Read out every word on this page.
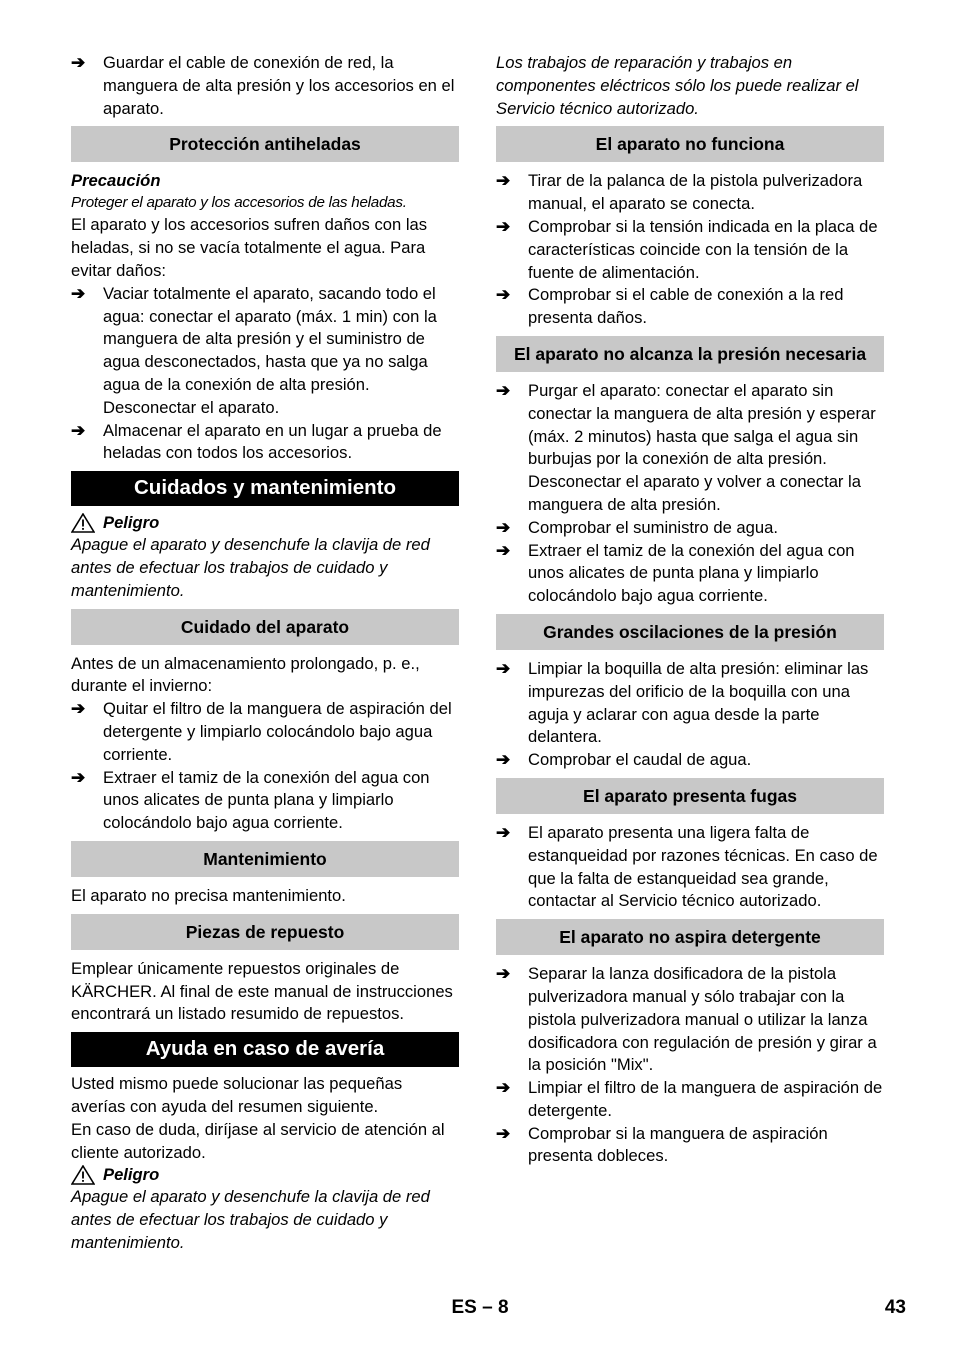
➔	Guardar el cable de conexión de red, la manguera de alta presión y los accesorios en el aparato.
Protección antiheladas
Precaución
Proteger el aparato y los accesorios de las heladas.

El aparato y los accesorios sufren daños con las heladas, si no se vacía totalmente el agua. Para evitar daños:

➔	Vaciar totalmente el aparato, sacando todo el agua: conectar el aparato (máx. 1 min) con la manguera de alta presión y el suministro de agua desconectados, hasta que ya no salga agua de la conexión de alta presión. Desconectar el aparato.
➔	Almacenar el aparato en un lugar a prueba de heladas con todos los accesorios.
Cuidados y mantenimiento
Peligro
Apague el aparato y desenchufe la clavija de red antes de efectuar los trabajos de cuidado y mantenimiento.
Cuidado del aparato

Antes de un almacenamiento prolongado, p. e., durante el invierno:

➔	Quitar el filtro de la manguera de aspiración del detergente y limpiarlo colocándolo bajo agua corriente.
➔	Extraer el tamiz de la conexión del agua con unos alicates de punta plana y limpiarlo colocándolo bajo agua corriente.
Mantenimiento

El aparato no precisa mantenimiento.

Piezas de repuesto

Emplear únicamente repuestos originales de KÄRCHER. Al final de este manual de instrucciones encontrará un listado resumido de repuestos.

Ayuda en caso de avería

Usted mismo puede solucionar las pequeñas averías con ayuda del resumen siguiente.

En caso de duda, diríjase al servicio de atención al cliente autorizado.

Peligro
Apague el aparato y desenchufe la clavija de red antes de efectuar los trabajos de cuidado y mantenimiento.
Los trabajos de reparación y trabajos en componentes eléctricos sólo los puede realizar el Servicio técnico autorizado.
El aparato no funciona
➔	Tirar de la palanca de la pistola pulverizadora manual, el aparato se conecta.
➔	Comprobar si la tensión indicada en la placa de características coincide con la tensión de la fuente de alimentación.
➔	Comprobar si el cable de conexión a la red presenta daños.
El aparato no alcanza la presión necesaria
➔	Purgar el aparato: conectar el aparato sin conectar la manguera de alta presión y esperar (máx. 2 minutos) hasta que salga el agua sin burbujas por la conexión de alta presión. Desconectar el aparato y volver a conectar la manguera de alta presión.
➔	Comprobar el suministro de agua.
➔	Extraer el tamiz de la conexión del agua con unos alicates de punta plana y limpiarlo colocándolo bajo agua corriente.
Grandes oscilaciones de la presión
➔	Limpiar la boquilla de alta presión: eliminar las impurezas del orificio de la boquilla con una aguja y aclarar con agua desde la parte delantera.
➔	Comprobar el caudal de agua.
El aparato presenta fugas
➔	El aparato presenta una ligera falta de estanqueidad por razones técnicas. En caso de que la falta de estanqueidad sea grande, contactar al Servicio técnico autorizado.
El aparato no aspira detergente
➔	Separar la lanza dosificadora de la pistola pulverizadora manual y sólo trabajar con la pistola pulverizadora manual o utilizar la lanza dosificadora con regulación de presión y girar a la posición "Mix".
➔	Limpiar el filtro de la manguera de aspiración de detergente.
➔	Comprobar si la manguera de aspiración presenta dobleces.
ES – 8	43
